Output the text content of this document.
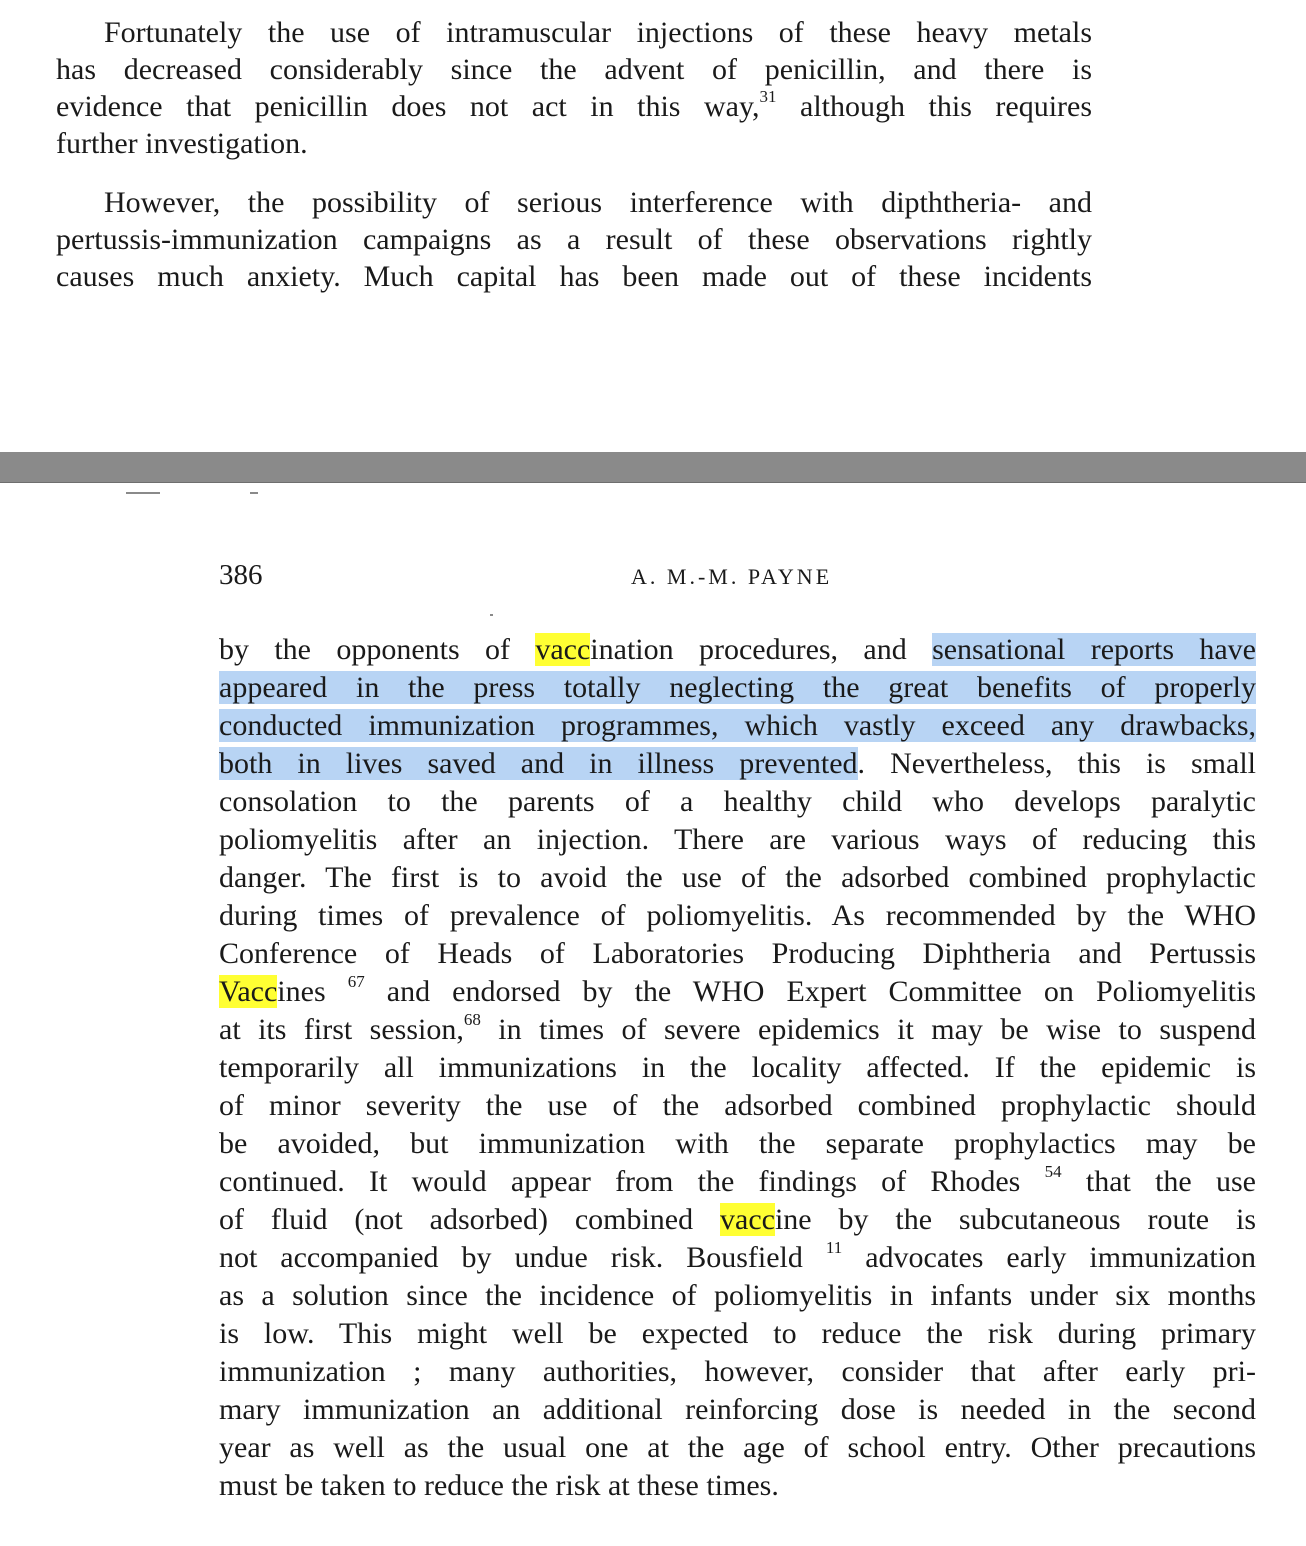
Fortunately the use of intramuscular injections of these heavy metals
has decreased considerably since the advent of penicillin, and there is
evidence that penicillin does not act in this way,$^{31}$ although this requires
further investigation.

However, the possibility of serious interference with dipththeria- and
pertussis-immunization campaigns as a result of these observations rightly
causes much anxiety. Much capital has been made out of these incidents

386	A. M.-M. PAYNE
by the opponents of vaccination procedures, and sensational reports have
appeared in the press totally neglecting the great benefits of properly
conducted immunization programmes, which vastly exceed any drawbacks,
both in lives saved and in illness prevented. Nevertheless, this is small
consolation to the parents of a healthy child who develops paralytic
poliomyelitis after an injection. There are various ways of reducing this
danger. The first is to avoid the use of the adsorbed combined prophylactic
during times of prevalence of poliomyelitis. As recommended by the WHO
Conference of Heads of Laboratories Producing Diphtheria and Pertussis
Vaccines $^{67}$ and endorsed by the WHO Expert Committee on Poliomyelitis
at its first session,$^{68}$ in times of severe epidemics it may be wise to suspend
temporarily all immunizations in the locality affected. If the epidemic is
of minor severity the use of the adsorbed combined prophylactic should
be avoided, but immunization with the separate prophylactics may be
continued. It would appear from the findings of Rhodes $^{54}$ that the use
of fluid (not adsorbed) combined vaccine by the subcutaneous route is
not accompanied by undue risk. Bousfield $^{11}$ advocates early immunization
as a solution since the incidence of poliomyelitis in infants under six months
is low. This might well be expected to reduce the risk during primary
immunization ; many authorities, however, consider that after early pri-
mary immunization an additional reinforcing dose is needed in the second
year as well as the usual one at the age of school entry. Other precautions
must be taken to reduce the risk at these times.
